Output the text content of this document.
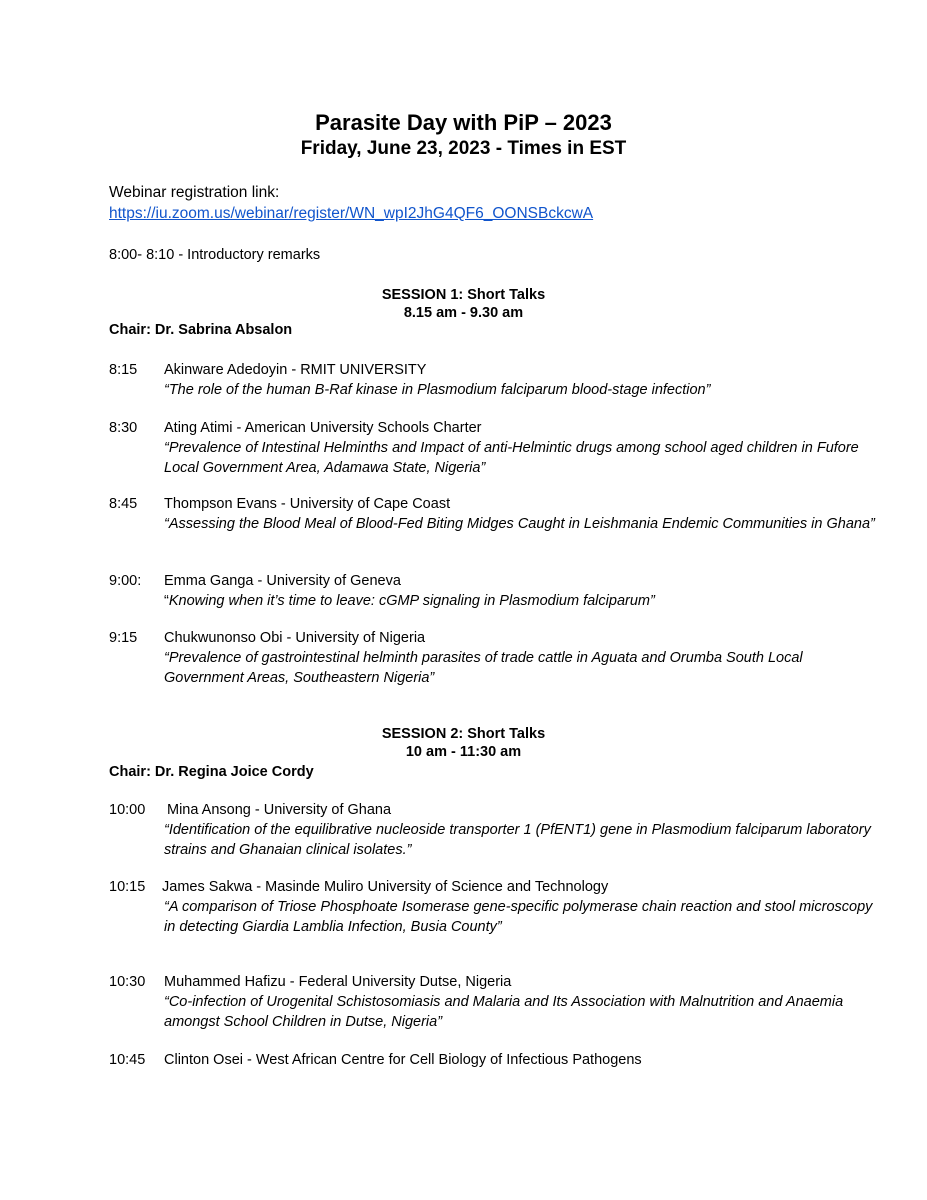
Parasite Day with PiP – 2023
Friday, June 23, 2023 - Times in EST
Webinar registration link:
https://iu.zoom.us/webinar/register/WN_wpI2JhG4QF6_OONSBckcwA
8:00- 8:10 - Introductory remarks
SESSION 1: Short Talks
8.15 am - 9.30 am
Chair: Dr. Sabrina Absalon
8:15 Akinware Adedoyin - RMIT UNIVERSITY
“The role of the human B-Raf kinase in Plasmodium falciparum blood-stage infection”
8:30 Ating Atimi - American University Schools Charter
“Prevalence of Intestinal Helminths and Impact of anti-Helmintic drugs among school aged children in Fufore Local Government Area, Adamawa State, Nigeria”
8:45 Thompson Evans - University of Cape Coast
“Assessing the Blood Meal of Blood-Fed Biting Midges Caught in Leishmania Endemic Communities in Ghana”
9:00: Emma Ganga - University of Geneva
“Knowing when it’s time to leave: cGMP signaling in Plasmodium falciparum”
9:15 Chukwunonso Obi - University of Nigeria
“Prevalence of gastrointestinal helminth parasites of trade cattle in Aguata and Orumba South Local Government Areas, Southeastern Nigeria”
SESSION 2: Short Talks
10 am - 11:30 am
Chair: Dr. Regina Joice Cordy
10:00 Mina Ansong - University of Ghana
“Identification of the equilibrative nucleoside transporter 1 (PfENT1) gene in Plasmodium falciparum laboratory strains and Ghanaian clinical isolates.”
10:15 James Sakwa - Masinde Muliro University of Science and Technology
“A comparison of Triose Phosphoate Isomerase gene-specific polymerase chain reaction and stool microscopy in detecting Giardia Lamblia Infection, Busia County”
10:30 Muhammed Hafizu - Federal University Dutse, Nigeria
“Co-infection of Urogenital Schistosomiasis and Malaria and Its Association with Malnutrition and Anaemia amongst School Children in Dutse, Nigeria”
10:45 Clinton Osei - West African Centre for Cell Biology of Infectious Pathogens
